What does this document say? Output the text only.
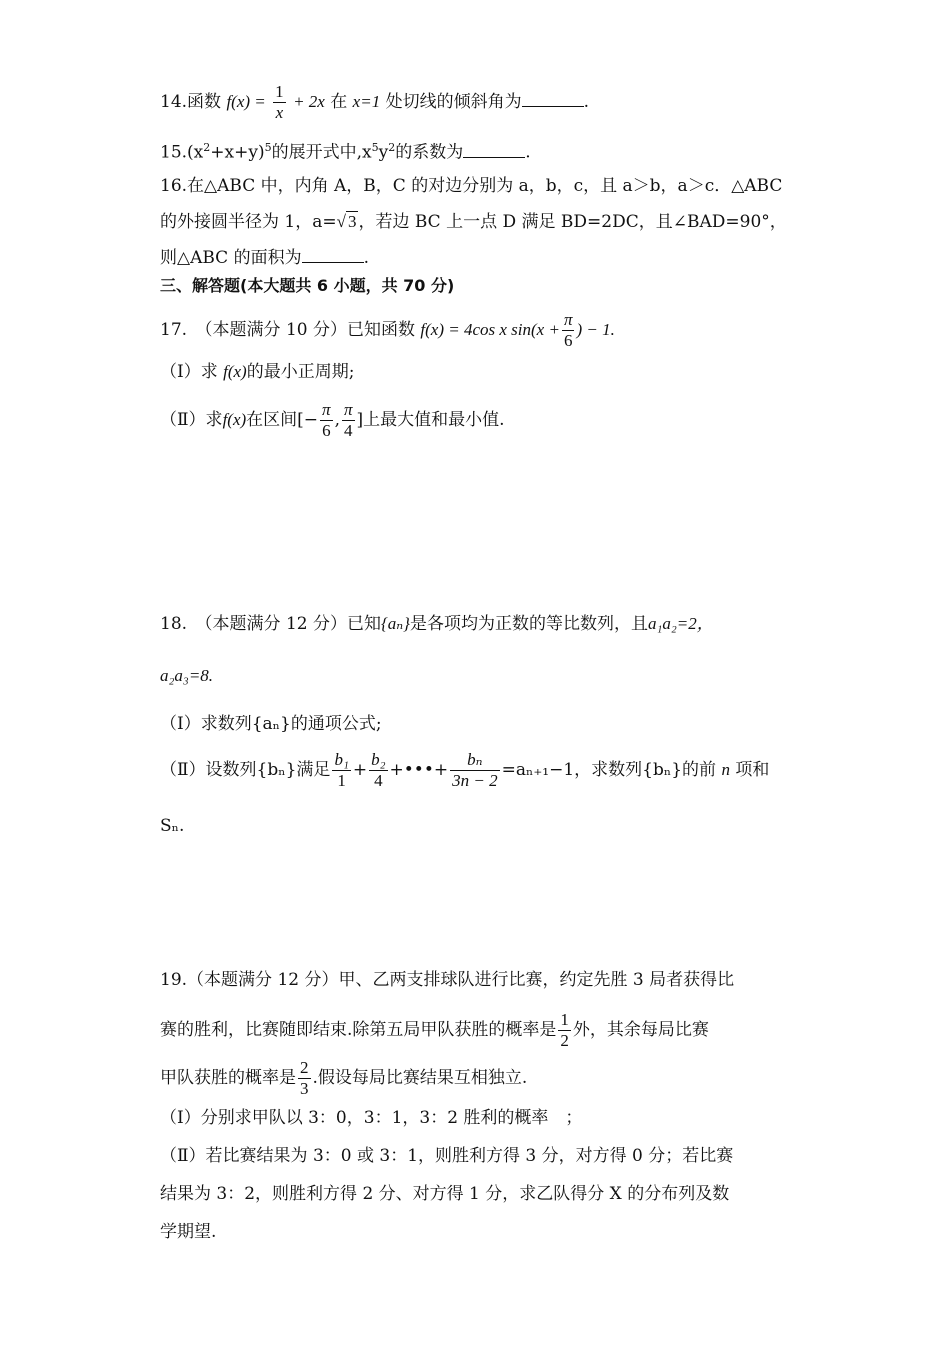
14.函数 $f(x) = \frac{1}{x} + 2x$ 在 x=1 处切线的倾斜角为	.
$15.(x^2+x+y)^5$的展开式中$,x^5y^2$的系数为	.
16.在△ABC 中，内角 A，B，C 的对边分别为 a，b，c，且 a＞b，a＞c．△ABC
的外接圆半径为 1，a=√ 3 ，若边 BC 上一点 D 满足 BD=2DC，且∠BAD=90°，
则△ABC 的面积为	.
三、解答题(本大题共 6 小题，共 70 分)
17.　（本题满分 10 分）已知函数 f(x) = 4cos x $\sin(x + \frac{\pi}{6}$ ) − 1.
（Ⅰ）求 f(x)的最小正周期;
（Ⅱ）求f(x)在区间[− $\frac{\pi}{6}$ , $\frac{\pi}{4}$ ]上最大值和最小值.
18.　（本题满分 12 分）已知{aₙ}是各项均为正数的等比数列，且a₁a₂=2，
a₂a₃=8.
（Ⅰ）求数列{aₙ}的通项公式;
（Ⅱ）设数列{bₙ}满足 $\frac{\text{b₁}}{1} + \frac{\text{b₂}}{4}$ +•••+ $\frac{\text{bₙ}}{3n - 2} =a_{n+1}-1$，求数列{bₙ}的前 n 项和
Sₙ.
19.（本题满分 12 分）甲、乙两支排球队进行比赛，约定先胜 3 局者获得比
赛的胜利，比赛随即结束.除第五局甲队获胜的概率是 $\frac{1}{2}$ 外，其余每局比赛
甲队获胜的概率是 $\frac{2}{3}$ .假设每局比赛结果互相独立.
（Ⅰ）分别求甲队以 3：0，3：1，3：2 胜利的概率　；
（Ⅱ）若比赛结果为 3：0 或 3：1，则胜利方得 3 分，对方得 0 分；若比赛
结果为 3：2，则胜利方得 2 分、对方得 1 分，求乙队得分 X 的分布列及数
学期望.
